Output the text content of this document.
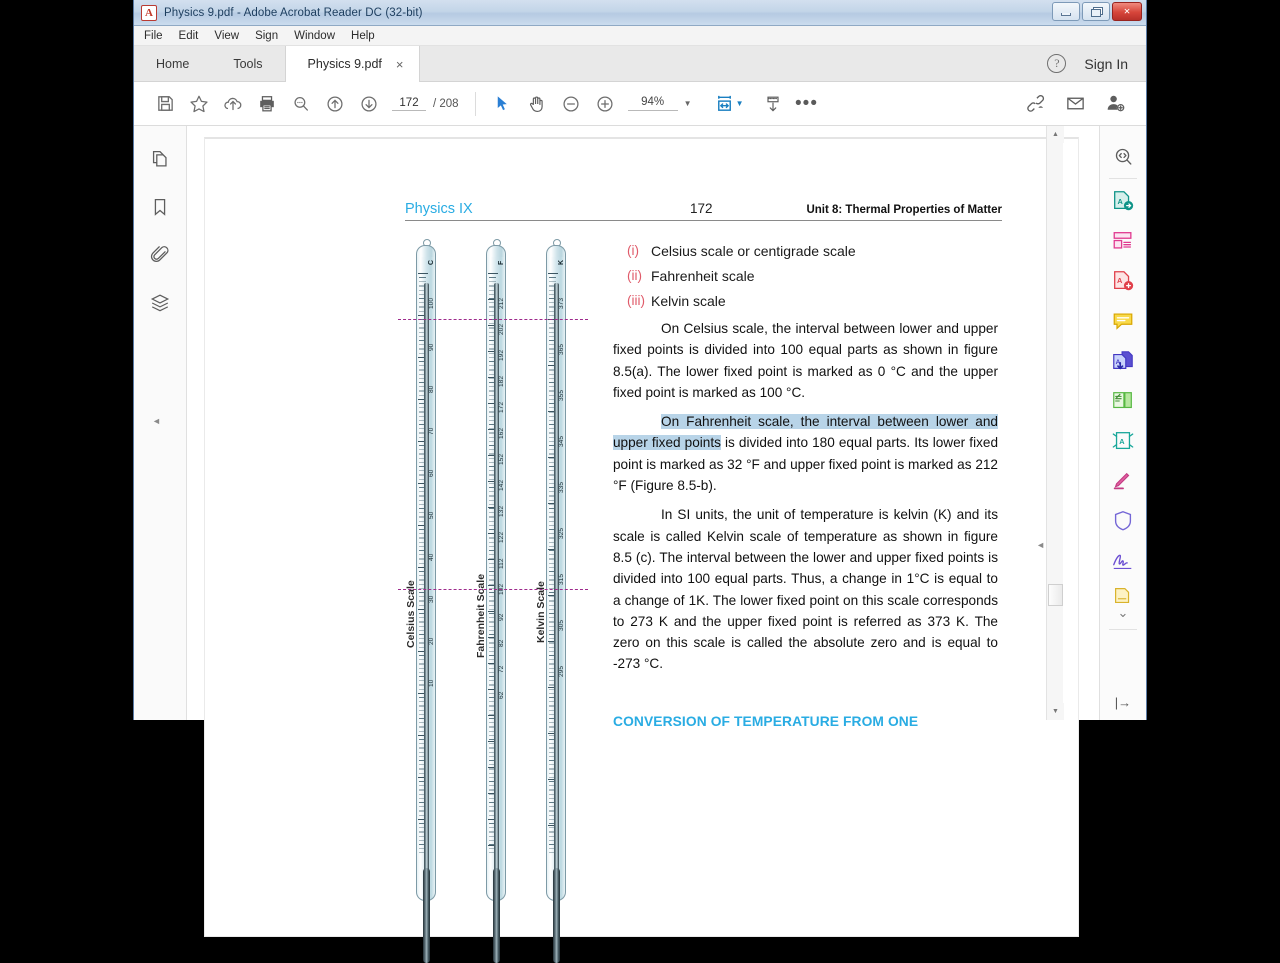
A Physics 9.pdf - Adobe Acrobat Reader DC (32-bit)	×
File Edit View Sign Window Help
Home	Tools	Physics 9.pdf ×	?	Sign In
172	/ 208	94%	▼	▼	•••
◄
Physics IX	172	Unit 8: Thermal Properties of Matter
C
100
90
80
70
60
50
40
30
20
10
Celsius Scale
F
212
202
192
182
172
162
152
142
132
122
112
102
92
82
72
62
Fahrenheit Scale
K
373
365
355
345
335
325
315
305
295
Kelvin Scale
(i) Celsius scale or centigrade scale
(ii) Fahrenheit scale
(iii) Kelvin scale

On Celsius scale, the interval between lower and upper fixed points is divided into 100 equal parts as shown in figure 8.5(a). The lower fixed point is marked as 0 °C and the upper fixed point is marked as 100 °C.

On Fahrenheit scale, the interval between lower and upper fixed points is divided into 180 equal parts. Its lower fixed point is marked as 32 °F and upper fixed point is marked as 212 °F (Figure 8.5-b).

In SI units, the unit of temperature is kelvin (K) and its scale is called Kelvin scale of temperature as shown in figure 8.5 (c). The interval between the lower and upper fixed points is divided into 100 equal parts. Thus, a change in 1°C is equal to a change of 1K. The lower fixed point on this scale corresponds to 273 K and the upper fixed point is referred as 373 K. The zero on this scale is called the absolute zero and is equal to -273 °C.

CONVERSION OF TEMPERATURE FROM ONE
▲
▼
◄
A
A
A
A
⌄
|→
